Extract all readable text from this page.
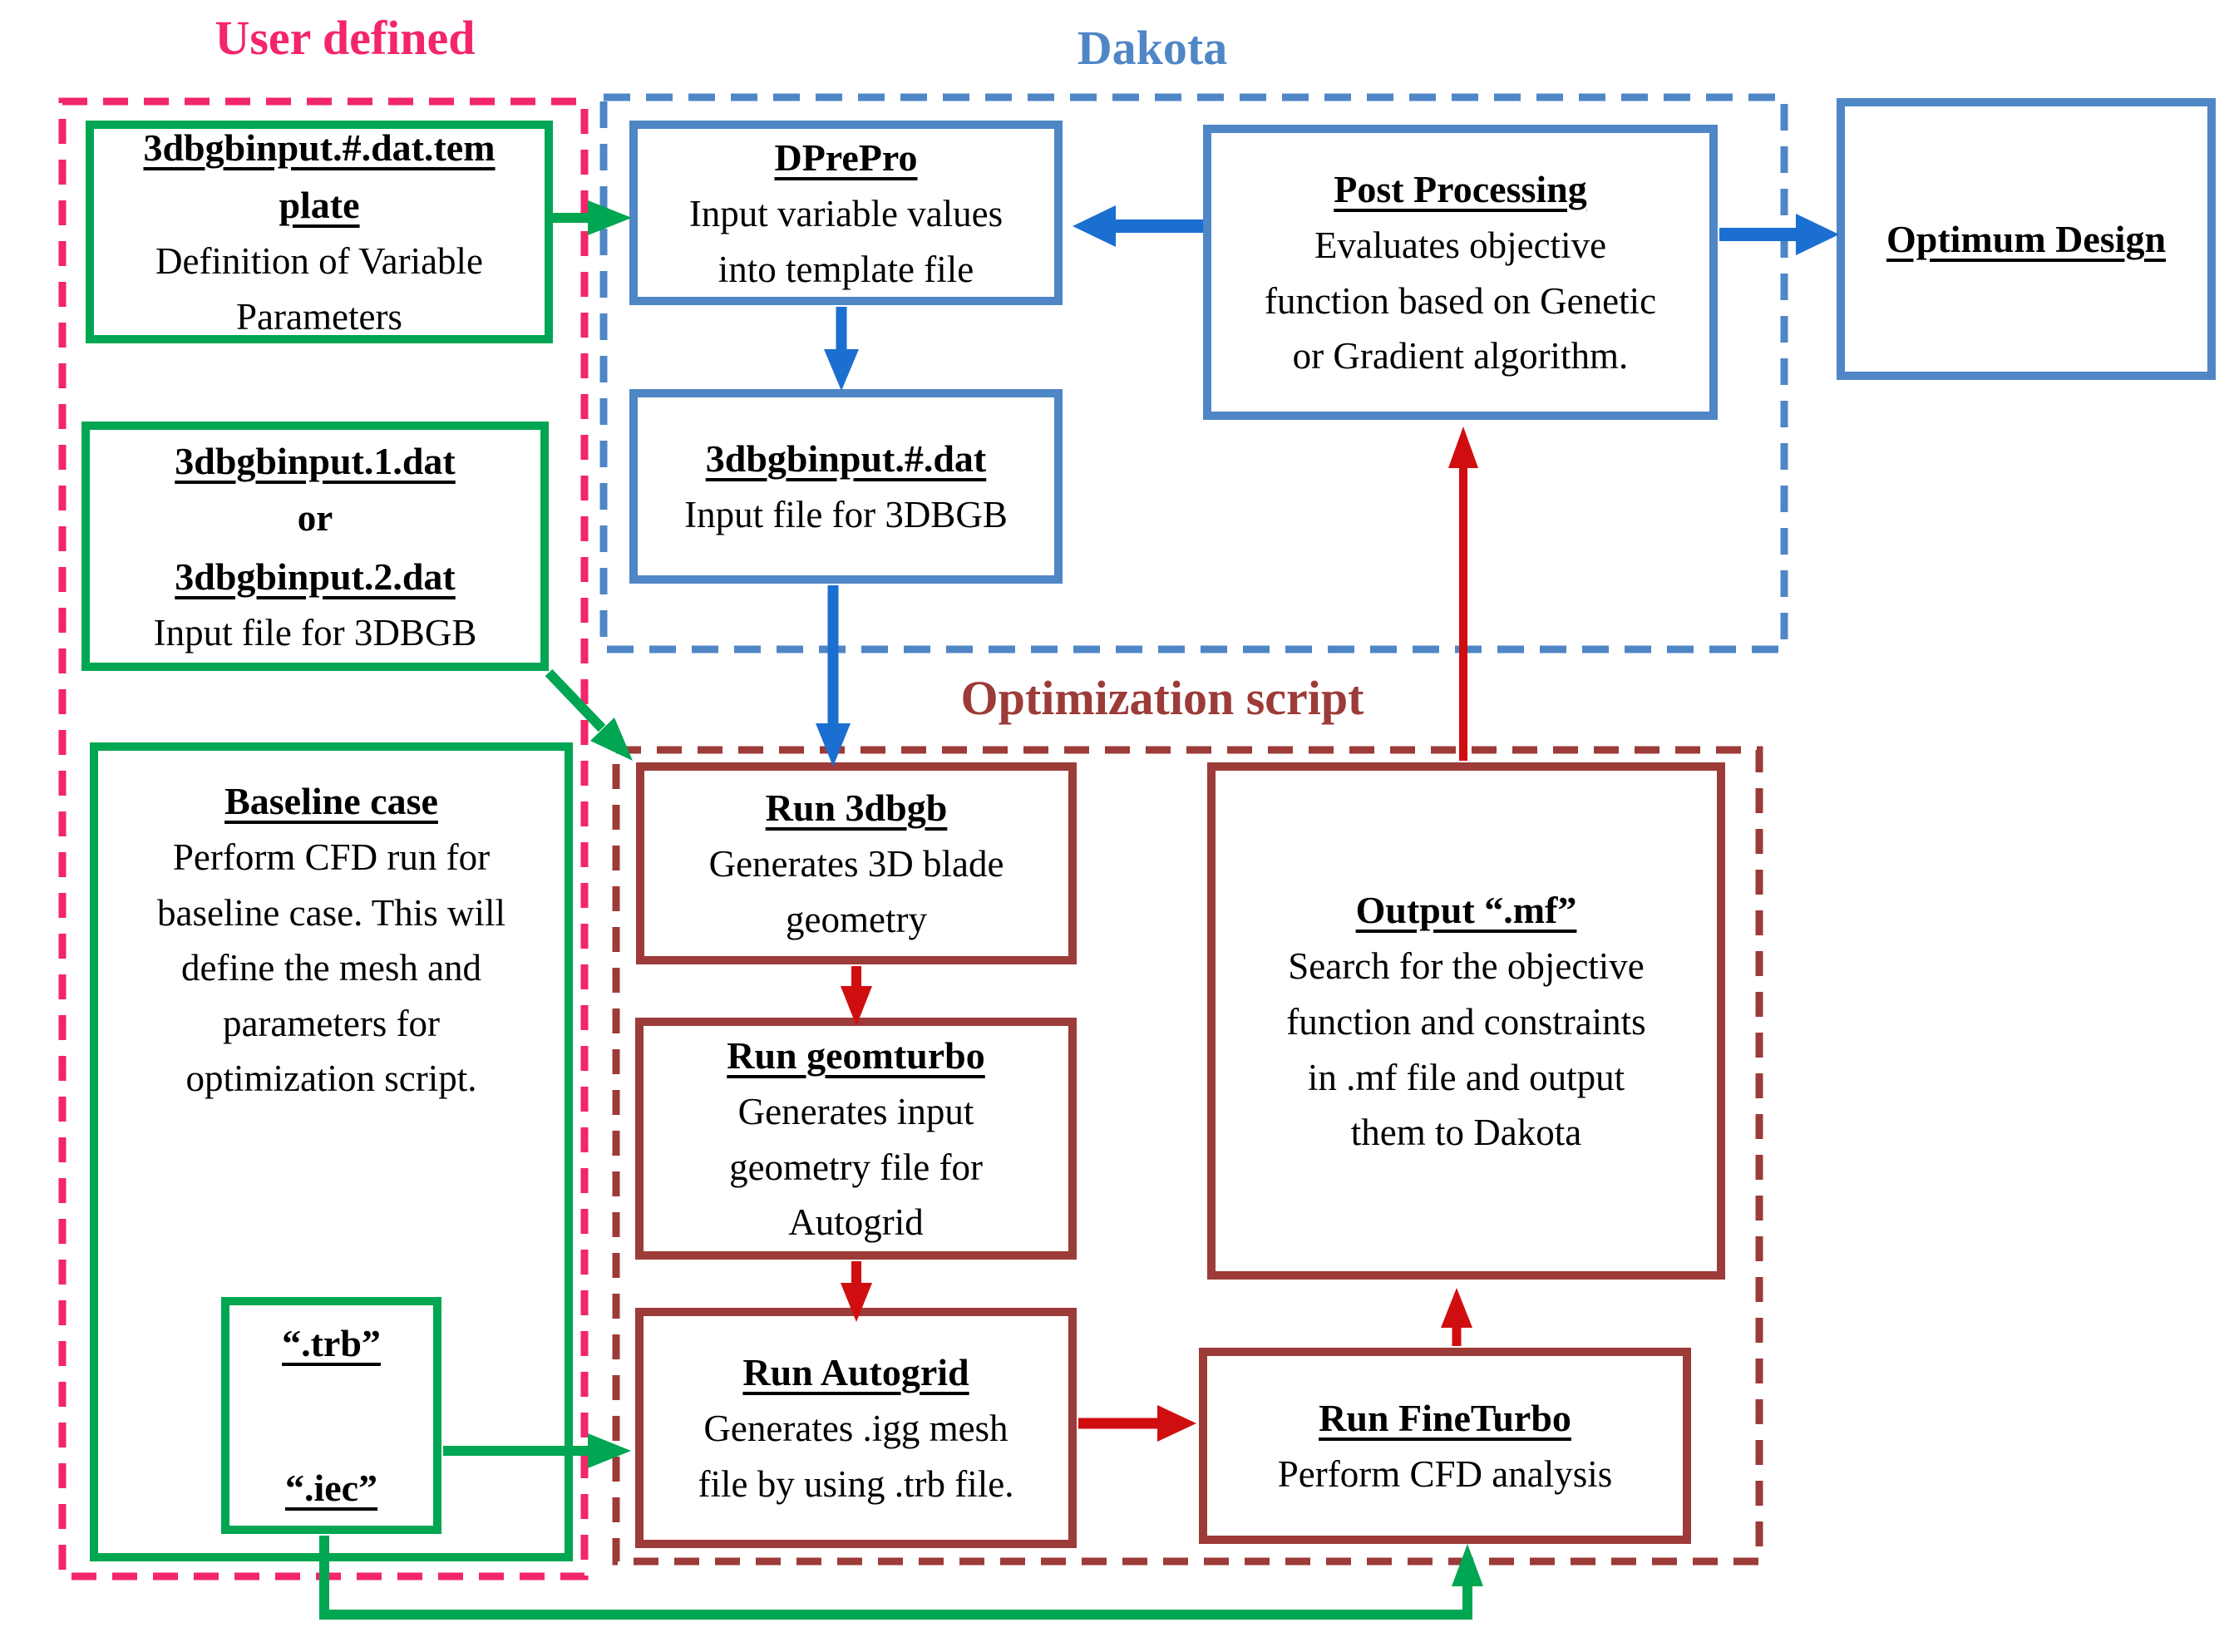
User defined	Dakota
Optimization script
3dbgbinput.#.dat.tem
plate
Definition of Variable
Parameters
3dbgbinput.1.dat
or
3dbgbinput.2.dat
Input file for 3DBGB
Baseline case
Perform CFD run for
baseline case. This will
define the mesh and
parameters for
optimization script.
“.trb”
“.iec”
DPrePro
Input variable values
into template file
Post Processing
Evaluates objective
function based on Genetic
or Gradient algorithm.
Optimum Design
3dbgbinput.#.dat
Input file for 3DBGB
Run 3dbgb
Generates 3D blade
geometry	Output “.mf”
Search for the objective
function and constraints
in .mf file and output
them to Dakota
Run geomturbo
Generates input
geometry file for
Autogrid
Run Autogrid
Generates .igg mesh
file by using .trb file.
Run FineTurbo
Perform CFD analysis
